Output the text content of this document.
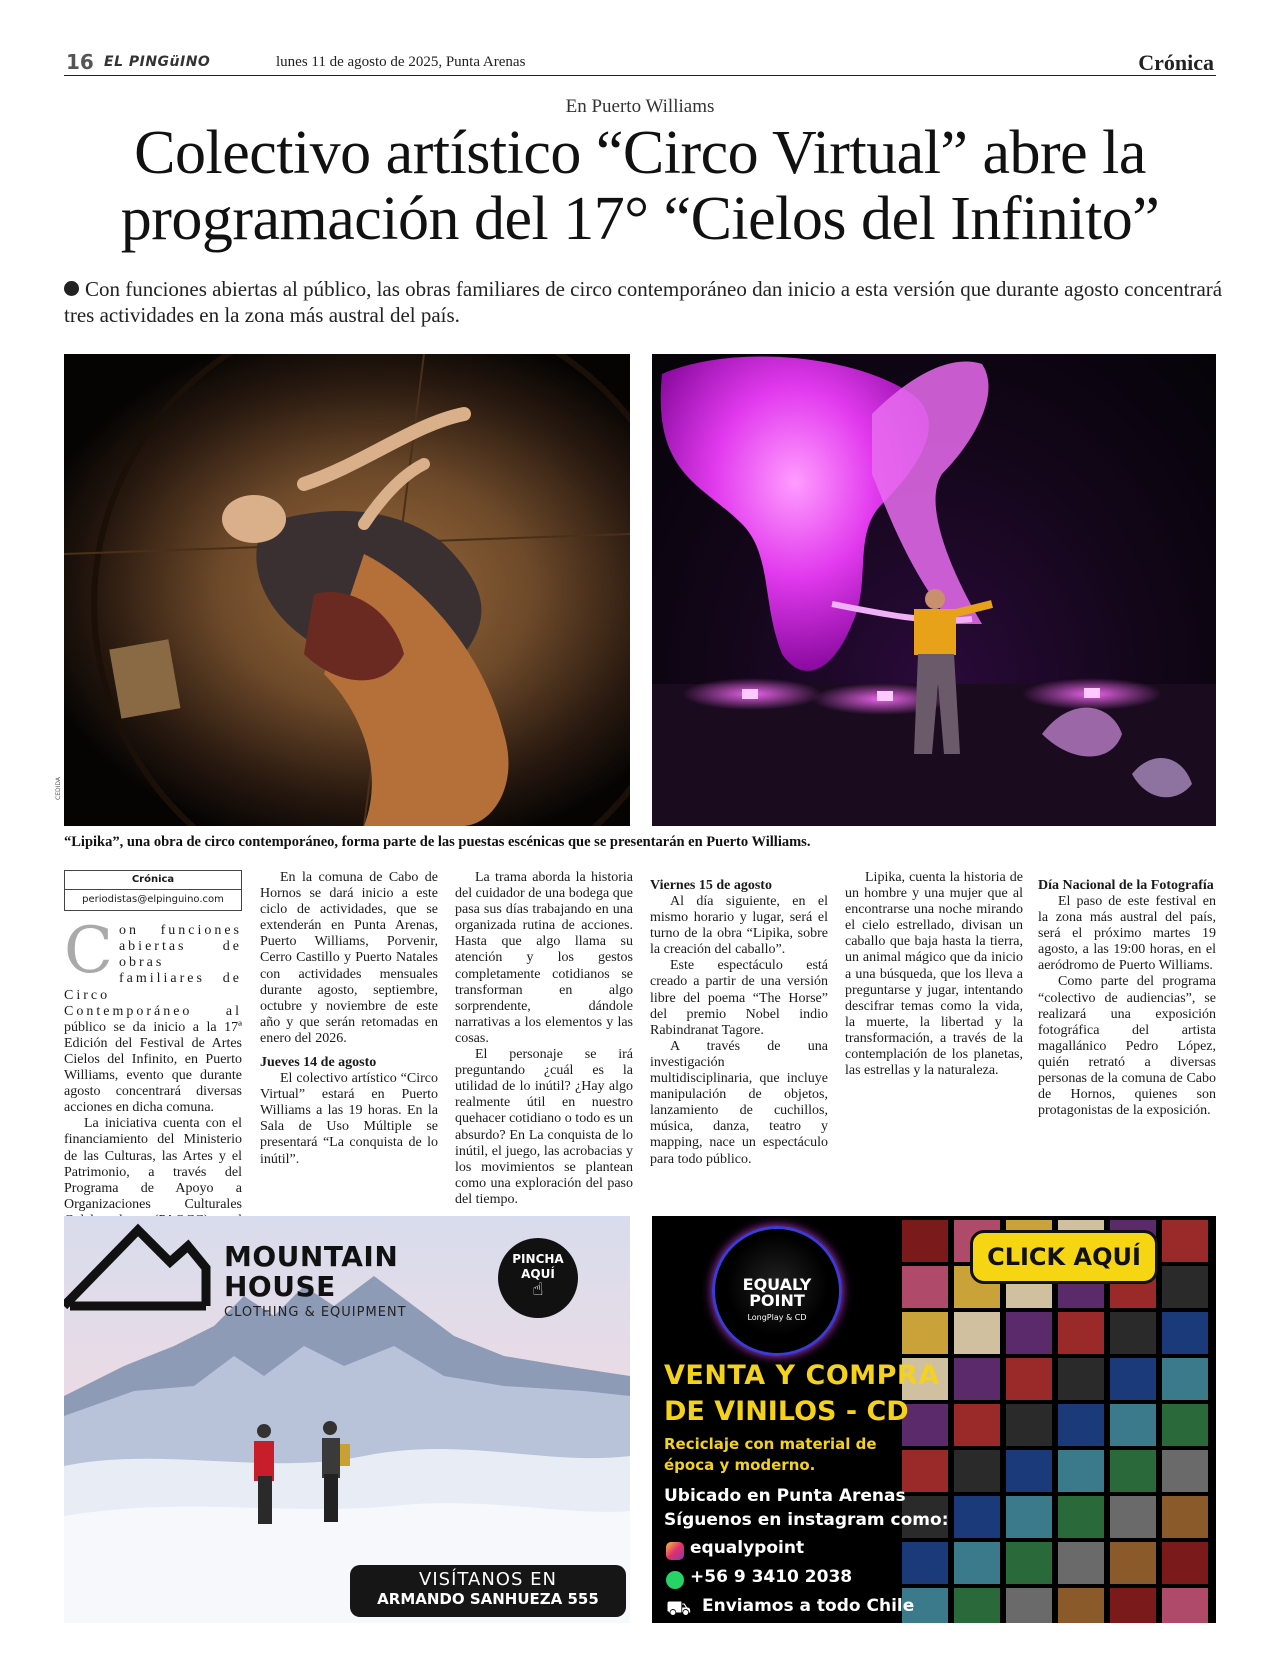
16 EL PINGüINO	lunes 11 de agosto de 2025, Punta Arenas	Crónica
En Puerto Williams
Colectivo artístico “Circo Virtual” abre la
programación del 17° “Cielos del Infinito”
Con funciones abiertas al público, las obras familiares de circo contemporáneo dan inicio a esta versión que durante agosto concentrará tres actividades en la zona más austral del país.
CEDIDA
“Lipika”, una obra de circo contemporáneo, forma parte de las puestas escénicas que se presentarán en Puerto Williams.
Crónica
periodistas@elpinguino.com

Con funciones abiertas de obras familiares de Circo Contemporáneo al público se da inicio a la 17ª Edición del Festival de Artes Cielos del Infinito, en Puerto Williams, evento que durante agosto concentrará diversas acciones en dicha comuna.

La iniciativa cuenta con el financiamiento del Ministerio de las Culturas, las Artes y el Patrimonio, a través del Programa de Apoyo a Organizaciones Culturales

En la comuna de Cabo de Hornos se dará inicio a este ciclo de actividades, que se extenderán en Punta Arenas, Puerto Williams, Porvenir, Cerro Castillo y Puerto Natales con actividades mensuales durante agosto, septiembre, octubre y noviembre de este año y que serán retomadas en enero del 2026.

Jueves 14 de agosto

El colectivo artístico “Circo Virtual” estará en Puerto Williams a las 19 horas. En la Sala de Uso Múltiple se presentará “La conquista de lo inútil”.

La trama aborda la historia del cuidador de una bodega que pasa sus días trabajando en una organizada rutina de acciones. Hasta que algo llama su atención y los gestos completamente cotidianos se transforman en algo sorprendente, dándole narrativas a los elementos y las cosas.

El personaje se irá preguntando ¿cuál es la utilidad de lo inútil? ¿Hay algo realmente útil en nuestro quehacer cotidiano o todo es un absurdo? En La conquista de lo inútil, el juego, las acrobacias y los movimientos se plantean como una exploración del paso del tiempo.

Viernes 15 de agosto

Al día siguiente, en el mismo horario y lugar, será el turno de la obra “Lipika, sobre la creación del caballo”.

Este espectáculo está creado a partir de una versión libre del poema “The Horse” del premio Nobel indio Rabindranat Tagore.

A través de una investigación multidisciplinaria, que incluye manipulación de objetos, lanzamiento de cuchillos, música, danza, teatro y mapping, nace un espectáculo para todo público.

Lipika, cuenta la historia de un hombre y una mujer que al encontrarse una noche mirando el cielo estrellado, divisan un caballo que baja hasta la tierra, un animal mágico que da inicio a una búsqueda, que los lleva a preguntarse y jugar, intentando descifrar temas como la vida, la muerte, la libertad y la transformación, a través de la contemplación de los planetas, las estrellas y la naturaleza.

Día Nacional de la Fotografía

El paso de este festival en la zona más austral del país, será el próximo martes 19 agosto, a las 19:00 horas, en el aeródromo de Puerto Williams.

Como parte del programa “colectivo de audiencias”, se realizará una exposición fotográfica del artista magallánico Pedro López, quién retrató a diversas personas de la comuna de Cabo de Hornos, quienes son protagonistas de la exposición.

MOUNTAIN
HOUSE
CLOTHING & EQUIPMENT
PINCHA
AQUÍ
☝
VISÍTANOS EN
ARMANDO SANHUEZA 555
EQUALY
POINT
LongPlay & CD
CLICK AQUÍ
VENTA Y COMPRA
DE VINILOS - CD
Reciclaje con material de
época y moderno.
Ubicado en Punta Arenas
Síguenos en instagram como:
equalypoint
+56 9 3410 2038
⛟ Enviamos a todo Chile
